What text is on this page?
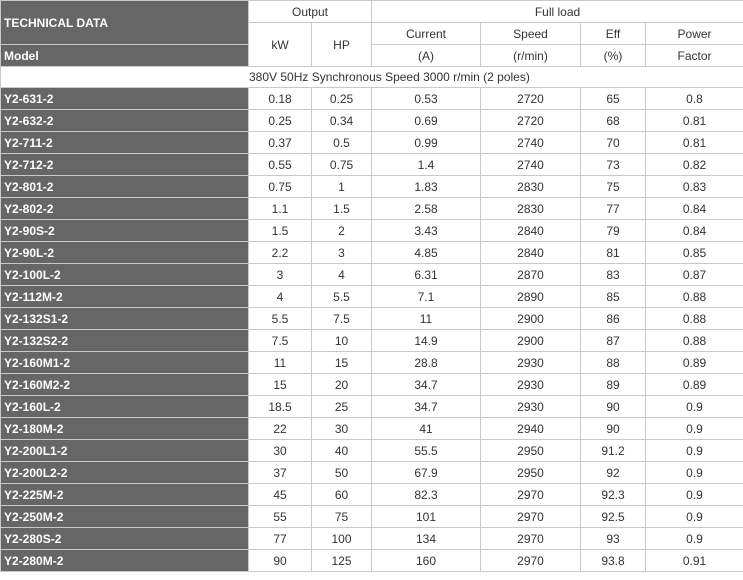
TECHNICAL DATA	Output		Full load			
	kW	HP	Current	Speed	Eff	Power
Model			(A)	(r/min)	(%)	Factor
380V 50Hz Synchronous Speed 3000 r/min (2 poles)						
Y2-631-2	0.18	0.25	0.53	2720	65	0.8
Y2-632-2	0.25	0.34	0.69	2720	68	0.81
Y2-711-2	0.37	0.5	0.99	2740	70	0.81
Y2-712-2	0.55	0.75	1.4	2740	73	0.82
Y2-801-2	0.75	1	1.83	2830	75	0.83
Y2-802-2	1.1	1.5	2.58	2830	77	0.84
Y2-90S-2	1.5	2	3.43	2840	79	0.84
Y2-90L-2	2.2	3	4.85	2840	81	0.85
Y2-100L-2	3	4	6.31	2870	83	0.87
Y2-112M-2	4	5.5	7.1	2890	85	0.88
Y2-132S1-2	5.5	7.5	11	2900	86	0.88
Y2-132S2-2	7.5	10	14.9	2900	87	0.88
Y2-160M1-2	11	15	28.8	2930	88	0.89
Y2-160M2-2	15	20	34.7	2930	89	0.89
Y2-160L-2	18.5	25	34.7	2930	90	0.9
Y2-180M-2	22	30	41	2940	90	0.9
Y2-200L1-2	30	40	55.5	2950	91.2	0.9
Y2-200L2-2	37	50	67.9	2950	92	0.9
Y2-225M-2	45	60	82.3	2970	92.3	0.9
Y2-250M-2	55	75	101	2970	92.5	0.9
Y2-280S-2	77	100	134	2970	93	0.9
Y2-280M-2	90	125	160	2970	93.8	0.91
